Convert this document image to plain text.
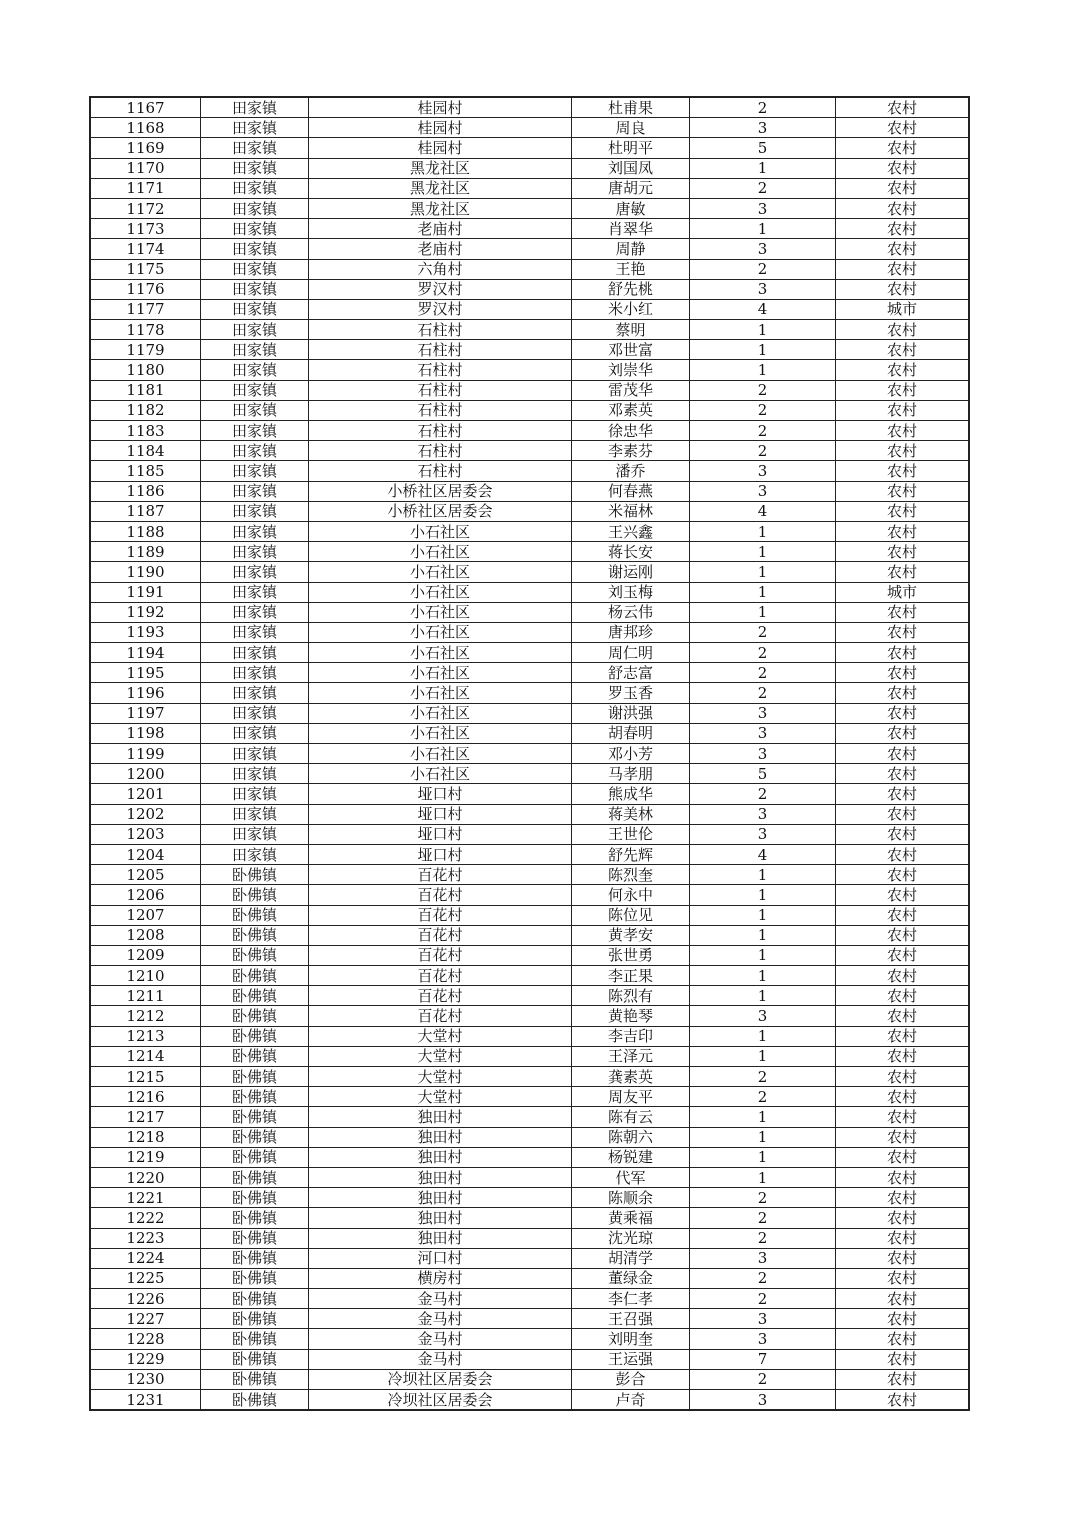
1167	田家镇	桂园村	杜甫果	2	农村
1168	田家镇	桂园村	周良	3	农村
1169	田家镇	桂园村	杜明平	5	农村
1170	田家镇	黑龙社区	刘国凤	1	农村
1171	田家镇	黑龙社区	唐胡元	2	农村
1172	田家镇	黑龙社区	唐敏	3	农村
1173	田家镇	老庙村	肖翠华	1	农村
1174	田家镇	老庙村	周静	3	农村
1175	田家镇	六角村	王艳	2	农村
1176	田家镇	罗汉村	舒先桃	3	农村
1177	田家镇	罗汉村	米小红	4	城市
1178	田家镇	石柱村	蔡明	1	农村
1179	田家镇	石柱村	邓世富	1	农村
1180	田家镇	石柱村	刘崇华	1	农村
1181	田家镇	石柱村	雷茂华	2	农村
1182	田家镇	石柱村	邓素英	2	农村
1183	田家镇	石柱村	徐忠华	2	农村
1184	田家镇	石柱村	李素芬	2	农村
1185	田家镇	石柱村	潘乔	3	农村
1186	田家镇	小桥社区居委会	何春燕	3	农村
1187	田家镇	小桥社区居委会	米福林	4	农村
1188	田家镇	小石社区	王兴鑫	1	农村
1189	田家镇	小石社区	蒋长安	1	农村
1190	田家镇	小石社区	谢运刚	1	农村
1191	田家镇	小石社区	刘玉梅	1	城市
1192	田家镇	小石社区	杨云伟	1	农村
1193	田家镇	小石社区	唐邦珍	2	农村
1194	田家镇	小石社区	周仁明	2	农村
1195	田家镇	小石社区	舒志富	2	农村
1196	田家镇	小石社区	罗玉香	2	农村
1197	田家镇	小石社区	谢洪强	3	农村
1198	田家镇	小石社区	胡春明	3	农村
1199	田家镇	小石社区	邓小芳	3	农村
1200	田家镇	小石社区	马孝朋	5	农村
1201	田家镇	垭口村	熊成华	2	农村
1202	田家镇	垭口村	蒋美林	3	农村
1203	田家镇	垭口村	王世伦	3	农村
1204	田家镇	垭口村	舒先辉	4	农村
1205	卧佛镇	百花村	陈烈奎	1	农村
1206	卧佛镇	百花村	何永中	1	农村
1207	卧佛镇	百花村	陈位见	1	农村
1208	卧佛镇	百花村	黄孝安	1	农村
1209	卧佛镇	百花村	张世勇	1	农村
1210	卧佛镇	百花村	李正果	1	农村
1211	卧佛镇	百花村	陈烈有	1	农村
1212	卧佛镇	百花村	黄艳琴	3	农村
1213	卧佛镇	大堂村	李吉印	1	农村
1214	卧佛镇	大堂村	王泽元	1	农村
1215	卧佛镇	大堂村	龚素英	2	农村
1216	卧佛镇	大堂村	周友平	2	农村
1217	卧佛镇	独田村	陈有云	1	农村
1218	卧佛镇	独田村	陈朝六	1	农村
1219	卧佛镇	独田村	杨锐建	1	农村
1220	卧佛镇	独田村	代军	1	农村
1221	卧佛镇	独田村	陈顺余	2	农村
1222	卧佛镇	独田村	黄乘福	2	农村
1223	卧佛镇	独田村	沈光琼	2	农村
1224	卧佛镇	河口村	胡清学	3	农村
1225	卧佛镇	横房村	董绿金	2	农村
1226	卧佛镇	金马村	李仁孝	2	农村
1227	卧佛镇	金马村	王召强	3	农村
1228	卧佛镇	金马村	刘明奎	3	农村
1229	卧佛镇	金马村	王运强	7	农村
1230	卧佛镇	冷坝社区居委会	彭合	2	农村
1231	卧佛镇	冷坝社区居委会	卢奇	3	农村
